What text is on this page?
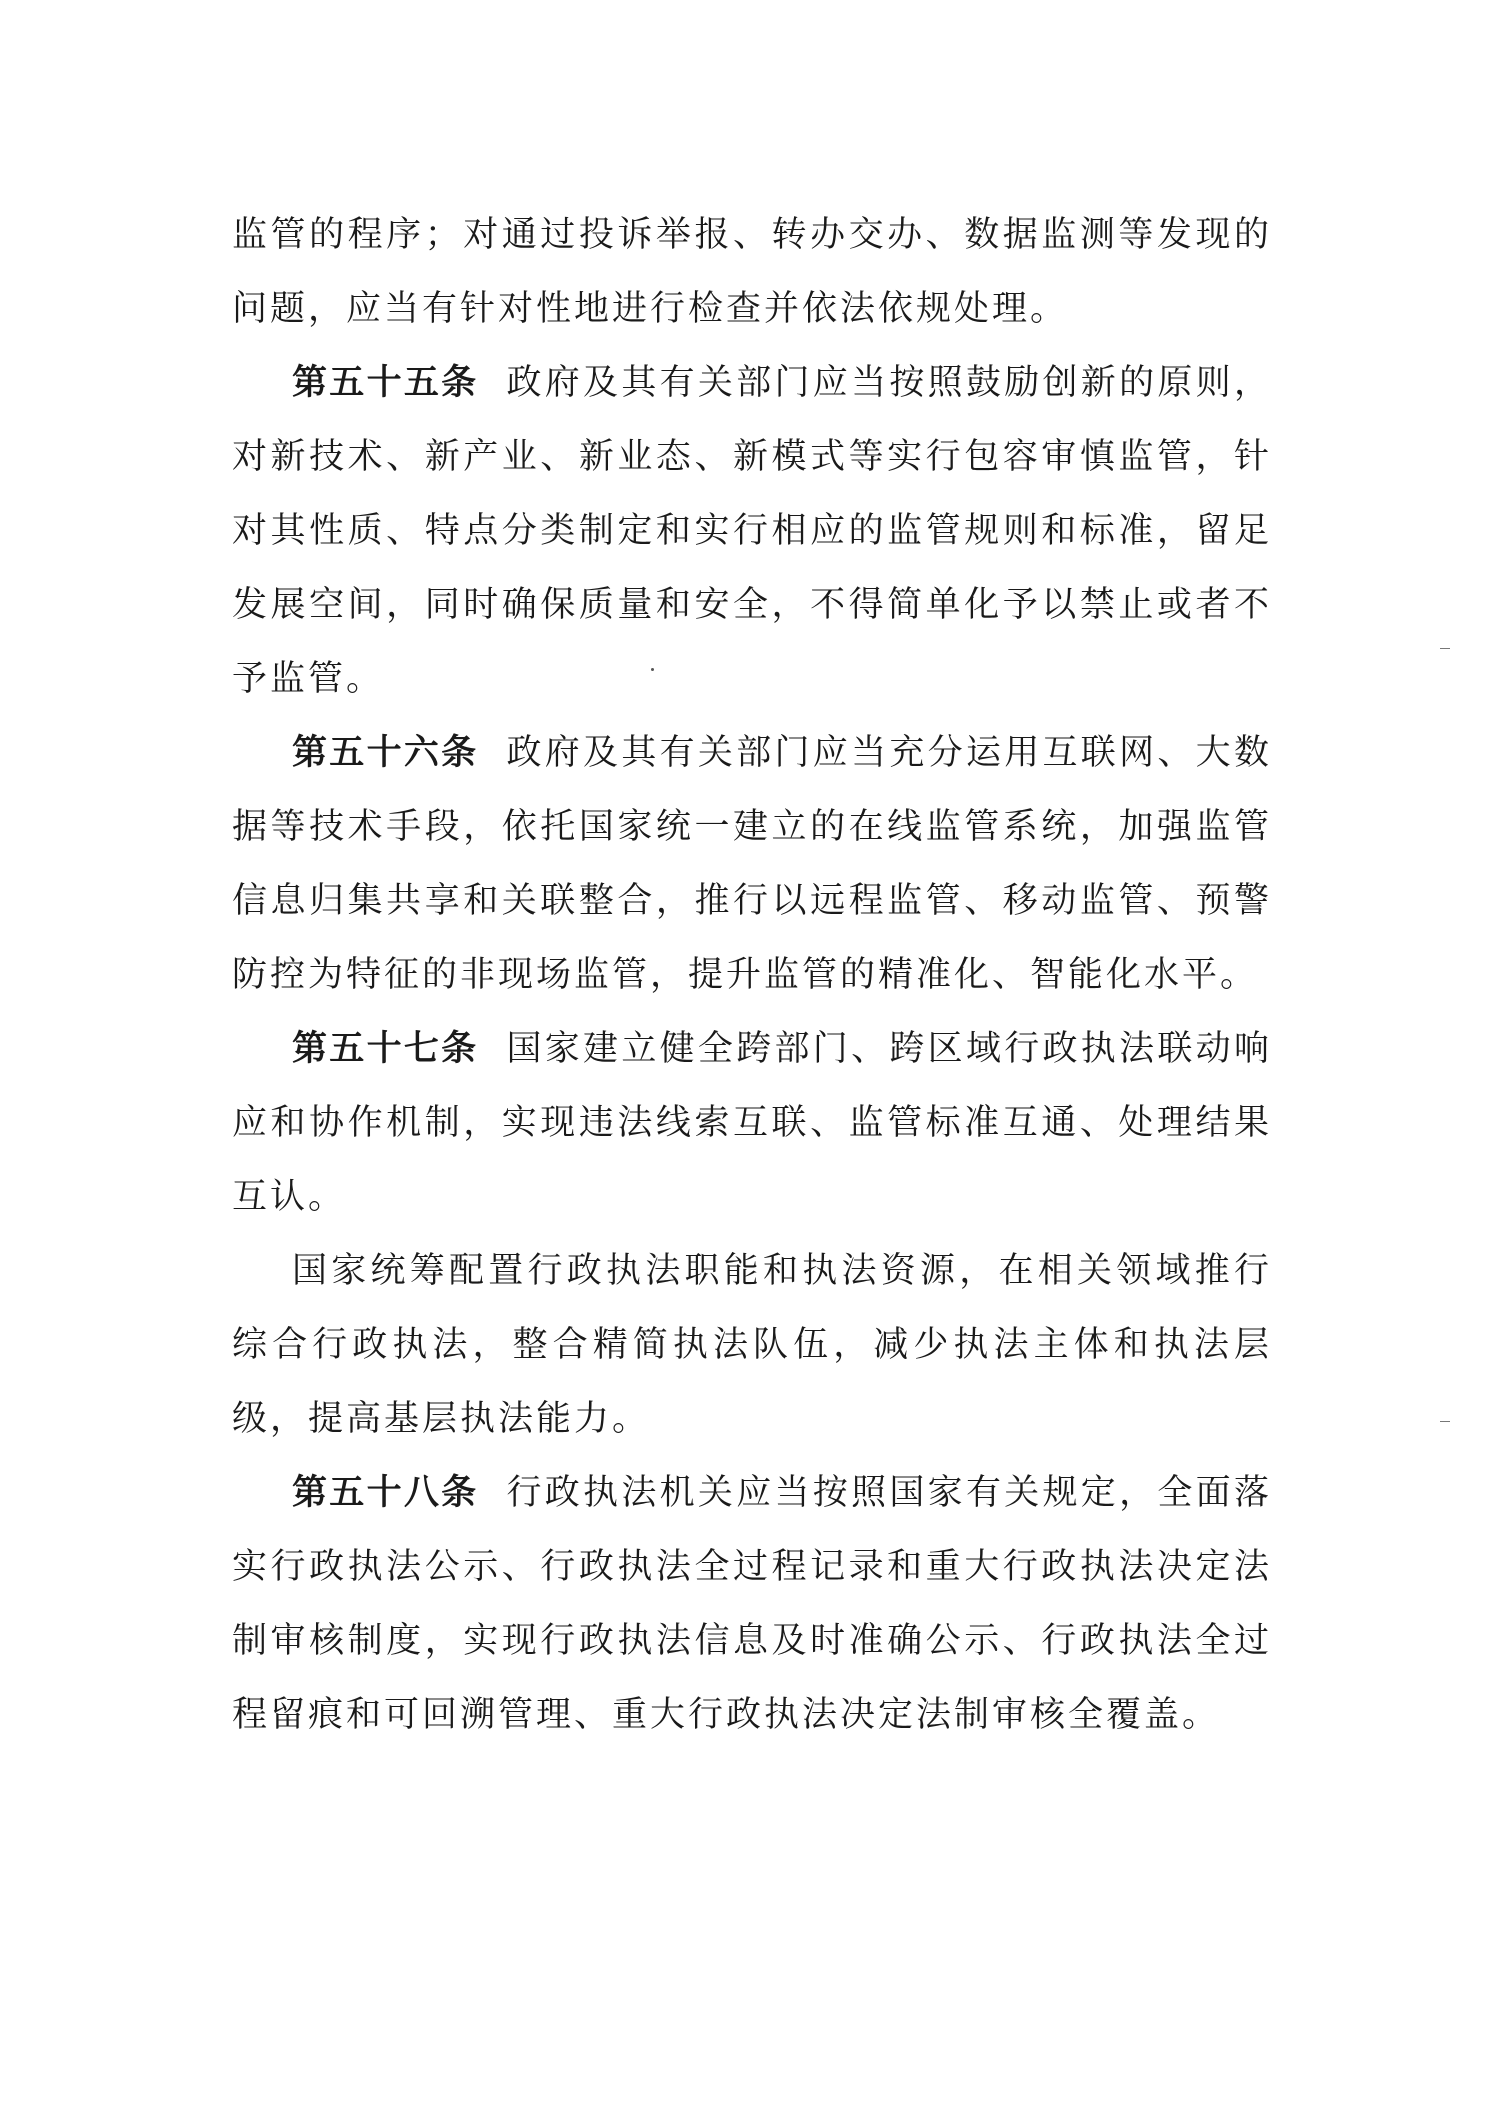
监管的程序；对通过投诉举报、转办交办、数据监测等发现的问题，应当有针对性地进行检查并依法依规处理。

第五十五条 政府及其有关部门应当按照鼓励创新的原则，对新技术、新产业、新业态、新模式等实行包容审慎监管，针对其性质、特点分类制定和实行相应的监管规则和标准，留足发展空间，同时确保质量和安全，不得简单化予以禁止或者不予监管。

第五十六条 政府及其有关部门应当充分运用互联网、大数据等技术手段，依托国家统一建立的在线监管系统，加强监管信息归集共享和关联整合，推行以远程监管、移动监管、预警防控为特征的非现场监管，提升监管的精准化、智能化水平。

第五十七条 国家建立健全跨部门、跨区域行政执法联动响应和协作机制，实现违法线索互联、监管标准互通、处理结果互认。

国家统筹配置行政执法职能和执法资源，在相关领域推行综合行政执法，整合精简执法队伍，减少执法主体和执法层级，提高基层执法能力。

第五十八条 行政执法机关应当按照国家有关规定，全面落实行政执法公示、行政执法全过程记录和重大行政执法决定法制审核制度，实现行政执法信息及时准确公示、行政执法全过程留痕和可回溯管理、重大行政执法决定法制审核全覆盖。
